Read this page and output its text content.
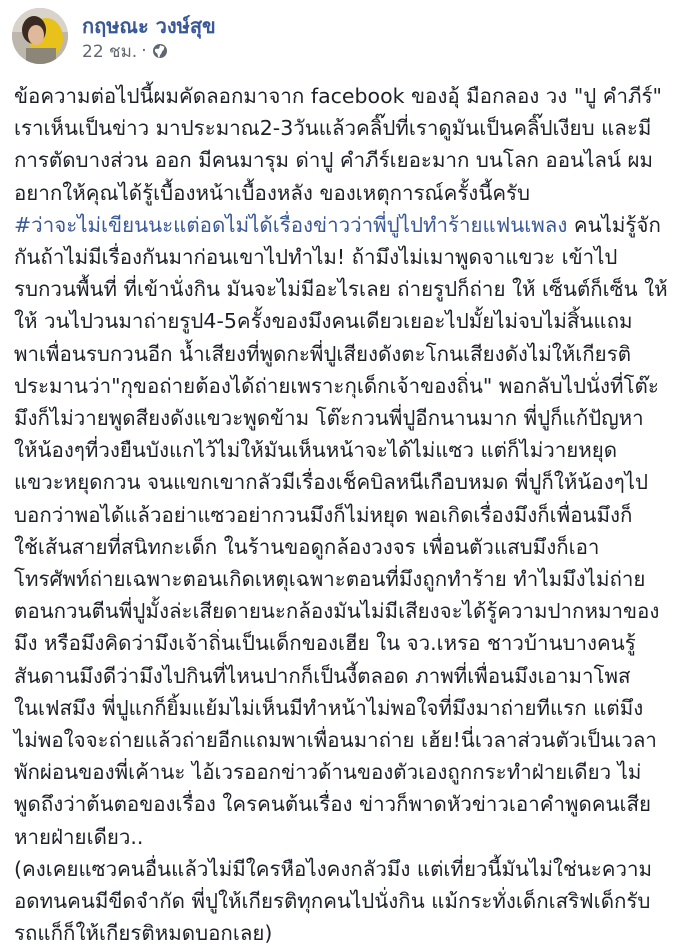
กฤษณะ วงษ์สุข
22 ชม. ·

ข้อความต่อไปนี้ผมคัดลอกมาจาก facebook ของอุ้ มือกลอง วง "ปู คำภีร์"

เราเห็นเป็นข่าว มาประมาณ2-3วันแล้วคลิ๊ปที่เราดูมันเป็นคลิ๊ปเงียบ และมี

การตัดบางส่วน ออก มีคนมารุม ด่าปู คำภีร์เยอะมาก บนโลก ออนไลน์ ผม

อยากให้คุณได้รู้เบื้องหน้าเบื้องหลัง ของเหตุการณ์ครั้งนี้ครับ

#ว่าจะไม่เขียนนะแต่อดไม่ได้เรื่องข่าวว่าพี่ปูไปทำร้ายแฟนเพลง คนไม่รู้จัก

กันถ้าไม่มีเรื่องกันมาก่อนเขาไปทำไม! ถ้ามึงไม่เมาพูดจาแขวะ เข้าไป

รบกวนพื้นที่ ที่เข้านั่งกิน มันจะไม่มีอะไรเลย ถ่ายรูปก็ถ่าย ให้ เซ็นต์ก็เซ็น ให้

ให้ วนไปวนมาถ่ายรูป4-5ครั้งของมึงคนเดียวเยอะไปมั้ยไม่จบไม่สิ้นแถม

พาเพื่อนรบกวนอีก น้ำเสียงที่พูดกะพี่ปูเสียงดังตะโกนเสียงดังไม่ให้เกียรติ

ประมานว่า"กุขอถ่ายต้องได้ถ่ายเพราะกุเด็กเจ้าของถิ่น" พอกลับไปนั่งที่โต๊ะ

มึงก็ไม่วายพูดสียงดังแขวะพูดข้าม โต๊ะกวนพี่ปูอีกนานมาก พี่ปูก็แก้ปัญหา

ให้น้องๆที่วงยืนบังแกไว้ไม่ให้มันเห็นหน้าจะได้ไม่แซว แต่ก็ไม่วายหยุด

แขวะหยุดกวน จนแขกเขากลัวมีเรื่องเช็คบิลหนีเกือบหมด พี่ปูก็ให้น้องๆไป

บอกว่าพอได้แล้วอย่าแซวอย่ากวนมึงก็ไม่หยุด พอเกิดเรื่องมึงก็เพื่อนมึงก็

ใช้เส้นสายที่สนิทกะเด็ก ในร้านขอดูกล้องวงจร เพื่อนตัวแสบมึงก็เอา

โทรศัพท์ถ่ายเฉพาะตอนเกิดเหตุเฉพาะตอนที่มึงถูกทำร้าย ทำไมมึงไม่ถ่าย

ตอนกวนตีนพี่ปูมั้งล่ะเสียดายนะกล้องมันไม่มีเสียงจะได้รู้ความปากหมาของ

มึง หรือมึงคิดว่ามึงเจ้าถิ่นเป็นเด็กของเฮีย ใน จว.เหรอ ชาวบ้านบางคนรู้

สันดานมึงดีว่ามึงไปกินที่ไหนปากก็เป็นงี้ตลอด ภาพที่เพื่อนมึงเอามาโพส

ในเฟสมึง พี่ปูแกก็ยิ้มแย้มไม่เห็นมีทำหน้าไม่พอใจที่มึงมาถ่ายทีแรก แต่มึง

ไม่พอใจจะถ่ายแล้วถ่ายอีกแถมพาเพื่อนมาถ่าย เฮ้ย!นี่เวลาส่วนตัวเป็นเวลา

พักผ่อนของพี่เค้านะ ไอ้เวรออกข่าวด้านของตัวเองถูกกระทำฝ่ายเดียว ไม่

พูดถึงว่าต้นตอของเรื่อง ใครคนต้นเรื่อง ข่าวก็พาดหัวข่าวเอาคำพูดคนเสีย

หายฝ่ายเดียว..

(คงเคยแซวคนอื่นแล้วไม่มีใครหือไงคงกลัวมึง แต่เที่ยวนี้มันไม่ใช่นะความ

อดทนคนมีขีดจำกัด พี่ปูให้เกียรติทุกคนไปนั่งกิน แม้กระทั่งเด็กเสริฟเด็กรับ

รถแก็ก็ให้เกียรติหมดบอกเลย)
